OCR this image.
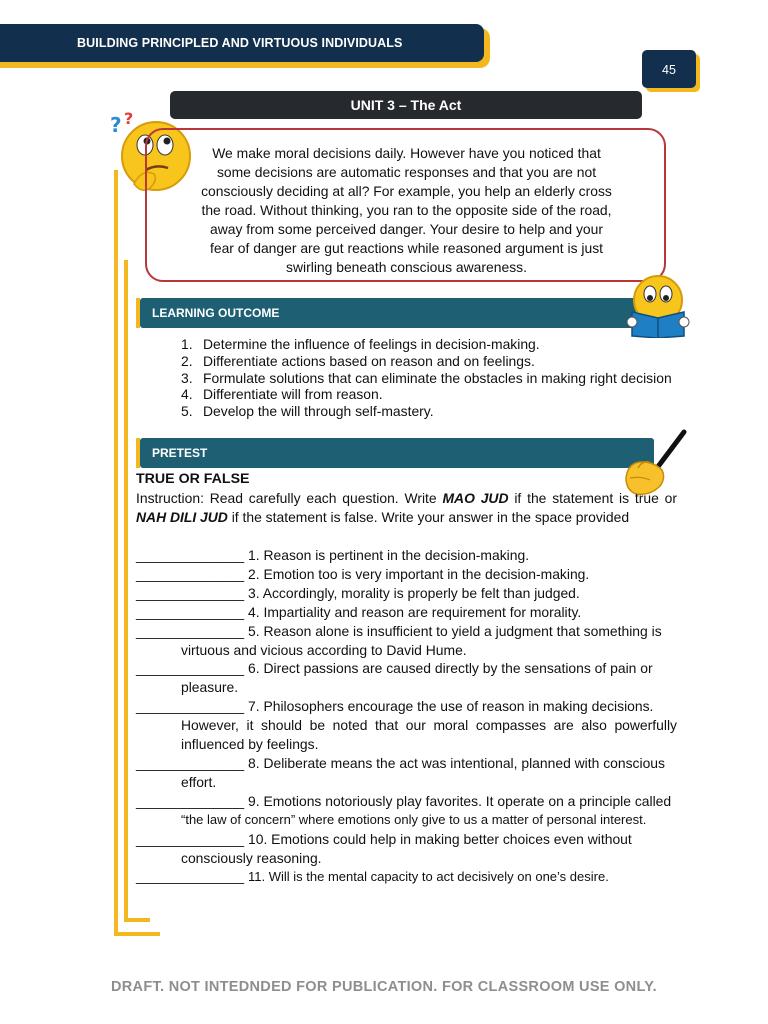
BUILDING PRINCIPLED AND VIRTUOUS INDIVIDUALS
45
UNIT 3 – The Act
? ?
We make moral decisions daily. However have you noticed that some decisions are automatic responses and that you are not consciously deciding at all? For example, you help an elderly cross the road. Without thinking, you ran to the opposite side of the road, away from some perceived danger. Your desire to help and your fear of danger are gut reactions while reasoned argument is just swirling beneath conscious awareness.
LEARNING OUTCOME
1. Determine the influence of feelings in decision-making.
2. Differentiate actions based on reason and on feelings.
3. Formulate solutions that can eliminate the obstacles in making right decision
4. Differentiate will from reason.
5. Develop the will through self-mastery.
PRETEST
TRUE OR FALSE
Instruction: Read carefully each question. Write MAO JUD if the statement is true or NAH DILI JUD if the statement is false. Write your answer in the space provided
______________ 1. Reason is pertinent in the decision-making.
______________ 2. Emotion too is very important in the decision-making.
______________ 3. Accordingly, morality is properly be felt than judged.
______________ 4. Impartiality and reason are requirement for morality.
______________ 5. Reason alone is insufficient to yield a judgment that something is
virtuous and vicious according to David Hume.
______________ 6. Direct passions are caused directly by the sensations of pain or
pleasure.
______________ 7. Philosophers encourage the use of reason in making decisions.
However, it should be noted that our moral compasses are also powerfully influenced by feelings.
______________ 8. Deliberate means the act was intentional, planned with conscious
effort.
______________ 9. Emotions notoriously play favorites. It operate on a principle called
“the law of concern” where emotions only give to us a matter of personal interest.
______________ 10. Emotions could help in making better choices even without
consciously reasoning.
______________ 11. Will is the mental capacity to act decisively on one’s desire.
DRAFT. NOT INTEDNDED FOR PUBLICATION. FOR CLASSROOM USE ONLY.
